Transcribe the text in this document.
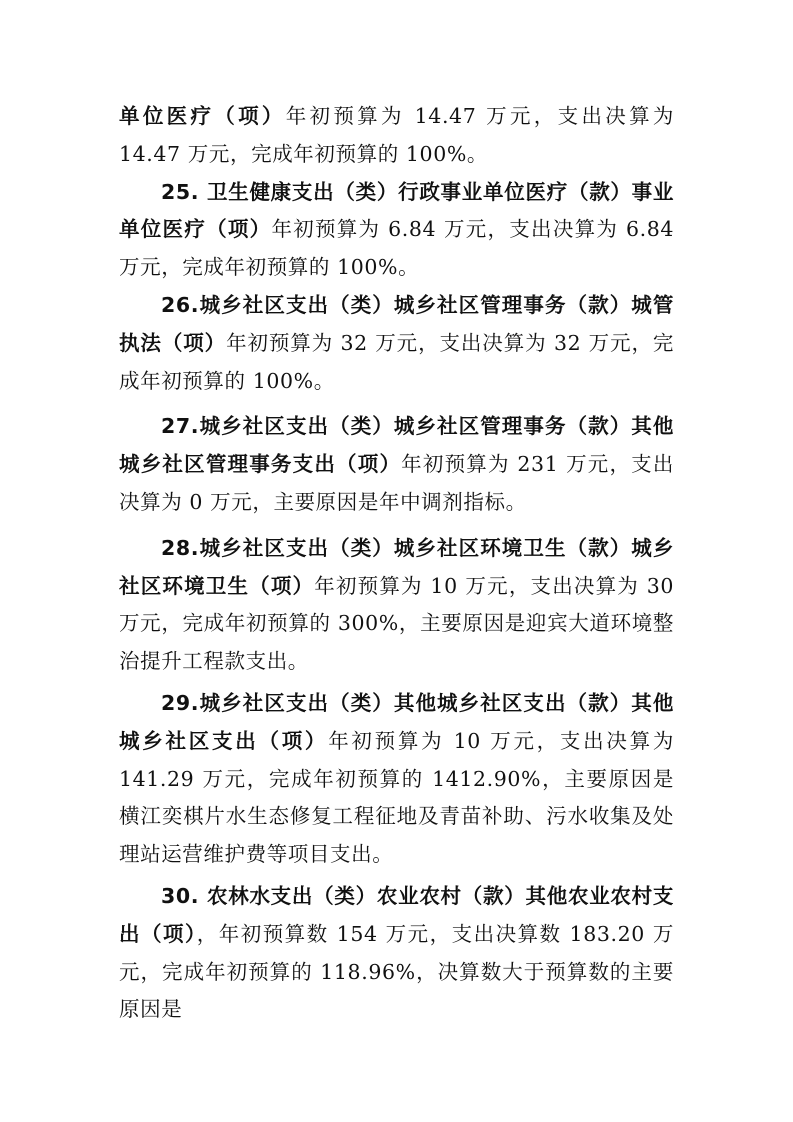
单位医疗（项）年初预算为 14.47 万元，支出决算为 14.47 万元，完成年初预算的 100%。

25. 卫生健康支出（类）行政事业单位医疗（款）事业单位医疗（项）年初预算为 6.84 万元，支出决算为 6.84 万元，完成年初预算的 100%。

26.城乡社区支出（类）城乡社区管理事务（款）城管执法（项）年初预算为 32 万元，支出决算为 32 万元，完成年初预算的 100%。

27.城乡社区支出（类）城乡社区管理事务（款）其他城乡社区管理事务支出（项）年初预算为 231 万元，支出决算为 0 万元，主要原因是年中调剂指标。

28.城乡社区支出（类）城乡社区环境卫生（款）城乡社区环境卫生（项）年初预算为 10 万元，支出决算为 30 万元，完成年初预算的 300%，主要原因是迎宾大道环境整治提升工程款支出。

29.城乡社区支出（类）其他城乡社区支出（款）其他城乡社区支出（项）年初预算为 10 万元，支出决算为 141.29 万元，完成年初预算的 1412.90%，主要原因是横江奕棋片水生态修复工程征地及青苗补助、污水收集及处理站运营维护费等项目支出。

30. 农林水支出（类）农业农村（款）其他农业农村支出（项），年初预算数 154 万元，支出决算数 183.20 万元，完成年初预算的 118.96%，决算数大于预算数的主要原因是
